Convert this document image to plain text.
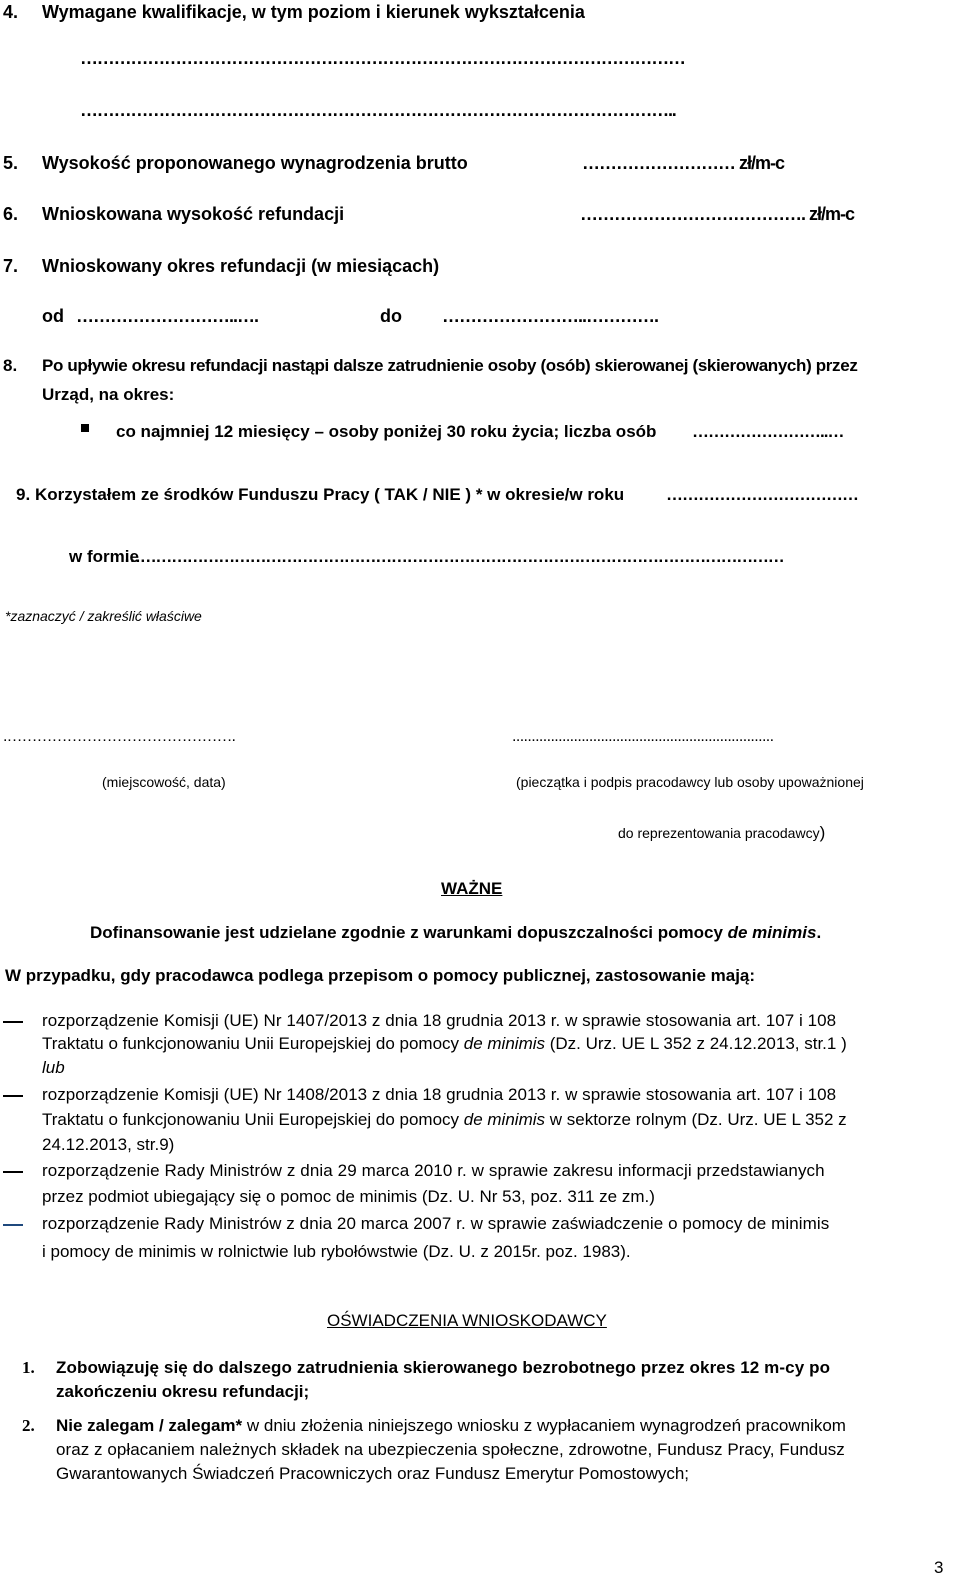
4. Wymagane kwalifikacje, w tym poziom i kierunek wykształcenia
………………………………………………………………………………………………
……………………………………………………………………………………………..
5. Wysokość proponowanego wynagrodzenia brutto	……………………… zł/m-c
6. Wnioskowana wysokość refundacji	…………………………………. zł/m-c
7. Wnioskowany okres refundacji (w miesiącach)
od ………………………..….	do ……………………..………….
8. Po upływie okresu refundacji nastąpi dalsze zatrudnienie osoby (osób) skierowanej (skierowanych) przez
Urząd, na okres:
co najmniej 12 miesięcy – osoby poniżej 30 roku życia; liczba osób ……………………..…
9. Korzystałem ze środków Funduszu Pracy ( TAK / NIE ) * w okresie/w roku ………………………………
w formie
………………………………………………………………………………………………………………
*zaznaczyć / zakreślić właściwe
.……………………………………….	....................................................................
(miejscowość, data)	(pieczątka i podpis pracodawcy lub osoby upoważnionej
do reprezentowania pracodawcy)
WAŻNE
Dofinansowanie jest udzielane zgodnie z warunkami dopuszczalności pomocy de minimis.
W przypadku, gdy pracodawca podlega przepisom o pomocy publicznej, zastosowanie mają:
rozporządzenie Komisji (UE) Nr 1407/2013 z dnia 18 grudnia 2013 r. w sprawie stosowania art. 107 i 108
Traktatu o funkcjonowaniu Unii Europejskiej do pomocy de minimis (Dz. Urz. UE L 352 z 24.12.2013, str.1 )
lub
rozporządzenie Komisji (UE) Nr 1408/2013 z dnia 18 grudnia 2013 r. w sprawie stosowania art. 107 i 108
Traktatu o funkcjonowaniu Unii Europejskiej do pomocy de minimis w sektorze rolnym (Dz. Urz. UE L 352 z
24.12.2013, str.9)
rozporządzenie Rady Ministrów z dnia 29 marca 2010 r. w sprawie zakresu informacji przedstawianych
przez podmiot ubiegający się o pomoc de minimis (Dz. U. Nr 53, poz. 311 ze zm.)
rozporządzenie Rady Ministrów z dnia 20 marca 2007 r. w sprawie zaświadczenie o pomocy de minimis
i pomocy de minimis w rolnictwie lub rybołówstwie (Dz. U. z 2015r. poz. 1983).
OŚWIADCZENIA WNIOSKODAWCY
1. Zobowiązuję się do dalszego zatrudnienia skierowanego bezrobotnego przez okres 12 m-cy po
zakończeniu okresu refundacji;
2. Nie zalegam / zalegam* w dniu złożenia niniejszego wniosku z wypłacaniem wynagrodzeń pracownikom
oraz z opłacaniem należnych składek na ubezpieczenia społeczne, zdrowotne, Fundusz Pracy, Fundusz
Gwarantowanych Świadczeń Pracowniczych oraz Fundusz Emerytur Pomostowych;
3
